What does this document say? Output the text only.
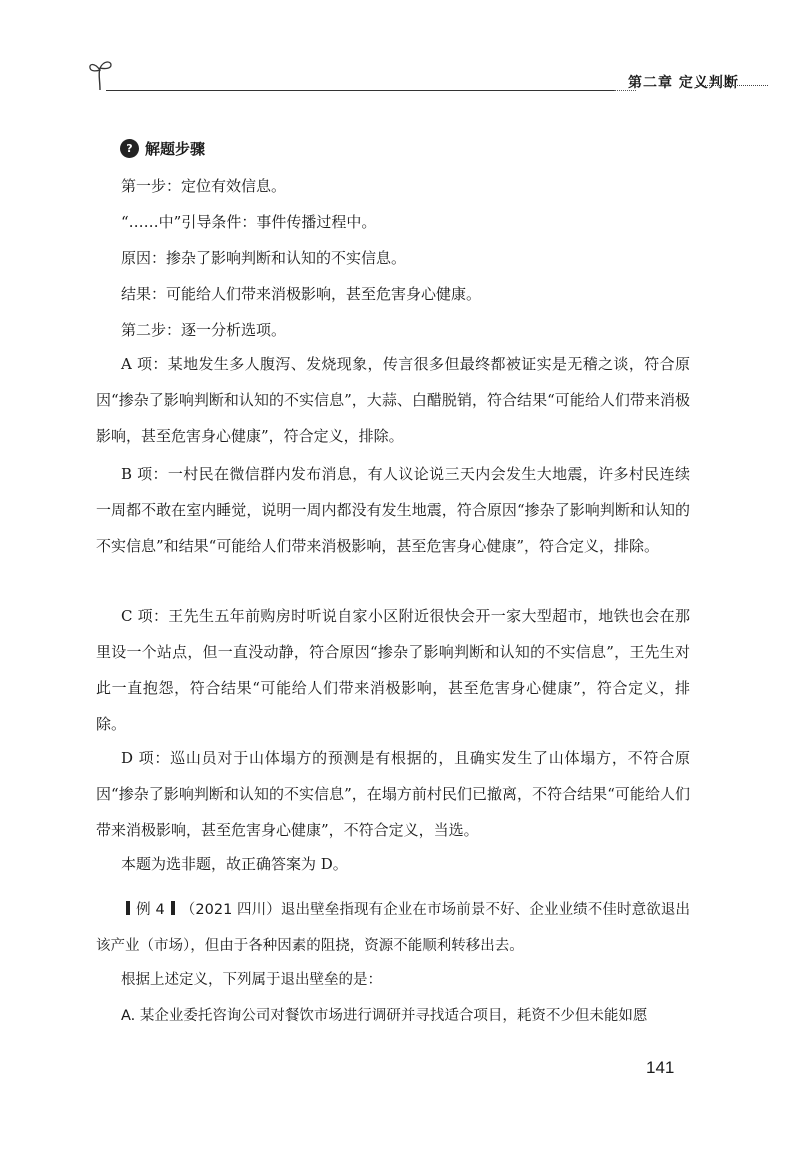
第二章 定义判断
? 解题步骤

第一步：定位有效信息。

“……中”引导条件：事件传播过程中。

原因：掺杂了影响判断和认知的不实信息。

结果：可能给人们带来消极影响，甚至危害身心健康。

第二步：逐一分析选项。

A 项：某地发生多人腹泻、发烧现象，传言很多但最终都被证实是无稽之谈，符合原因“掺杂了影响判断和认知的不实信息”，大蒜、白醋脱销，符合结果“可能给人们带来消极影响，甚至危害身心健康”，符合定义，排除。

B 项：一村民在微信群内发布消息，有人议论说三天内会发生大地震，许多村民连续一周都不敢在室内睡觉，说明一周内都没有发生地震，符合原因“掺杂了影响判断和认知的不实信息”和结果“可能给人们带来消极影响，甚至危害身心健康”，符合定义，排除。

C 项：王先生五年前购房时听说自家小区附近很快会开一家大型超市，地铁也会在那里设一个站点，但一直没动静，符合原因“掺杂了影响判断和认知的不实信息”，王先生对此一直抱怨，符合结果“可能给人们带来消极影响，甚至危害身心健康”，符合定义，排除。

D 项：巡山员对于山体塌方的预测是有根据的，且确实发生了山体塌方，不符合原因“掺杂了影响判断和认知的不实信息”，在塌方前村民们已撤离，不符合结果“可能给人们带来消极影响，甚至危害身心健康”，不符合定义，当选。

本题为选非题，故正确答案为 D。

例 4 （2021 四川）退出壁垒指现有企业在市场前景不好、企业业绩不佳时意欲退出该产业（市场），但由于各种因素的阻挠，资源不能顺利转移出去。

根据上述定义，下列属于退出壁垒的是：

A. 某企业委托咨询公司对餐饮市场进行调研并寻找适合项目，耗资不少但未能如愿

141
